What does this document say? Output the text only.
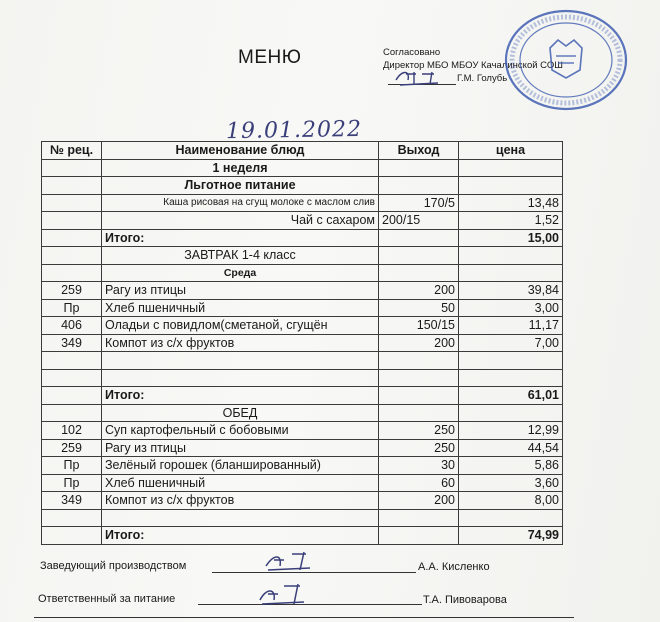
МЕНЮ	Согласовано
Директор МБО МБОУ Качалинской СОШ
Г.М. Голубь
19.01.2022
№ рец.	Наименование блюд	Выход	цена
	1 неделя		
	Льготное питание		
	Каша рисовая на сгущ молоке с маслом слив	170/5	13,48
	Чай с сахаром	200/15	1,52
	Итого:		15,00
	ЗАВТРАК 1-4 класс		
	Среда		
259	Рагу из птицы	200	39,84
Пр	Хлеб пшеничный	50	3,00
406	Оладьи с повидлом(сметаной, сгущён	150/15	11,17
349	Компот из с/х фруктов	200	7,00

	Итого:		61,01
	ОБЕД		
102	Суп картофельный с бобовыми	250	12,99
259	Рагу из птицы	250	44,54
Пр	Зелёный горошек (бланшированный)	30	5,86
Пр	Хлеб пшеничный	60	3,60
349	Компот из с/х фруктов	200	8,00

	Итого:		74,99
Заведующий производством	А.А. Кисленко
Ответственный за питание	Т.А. Пивоварова
